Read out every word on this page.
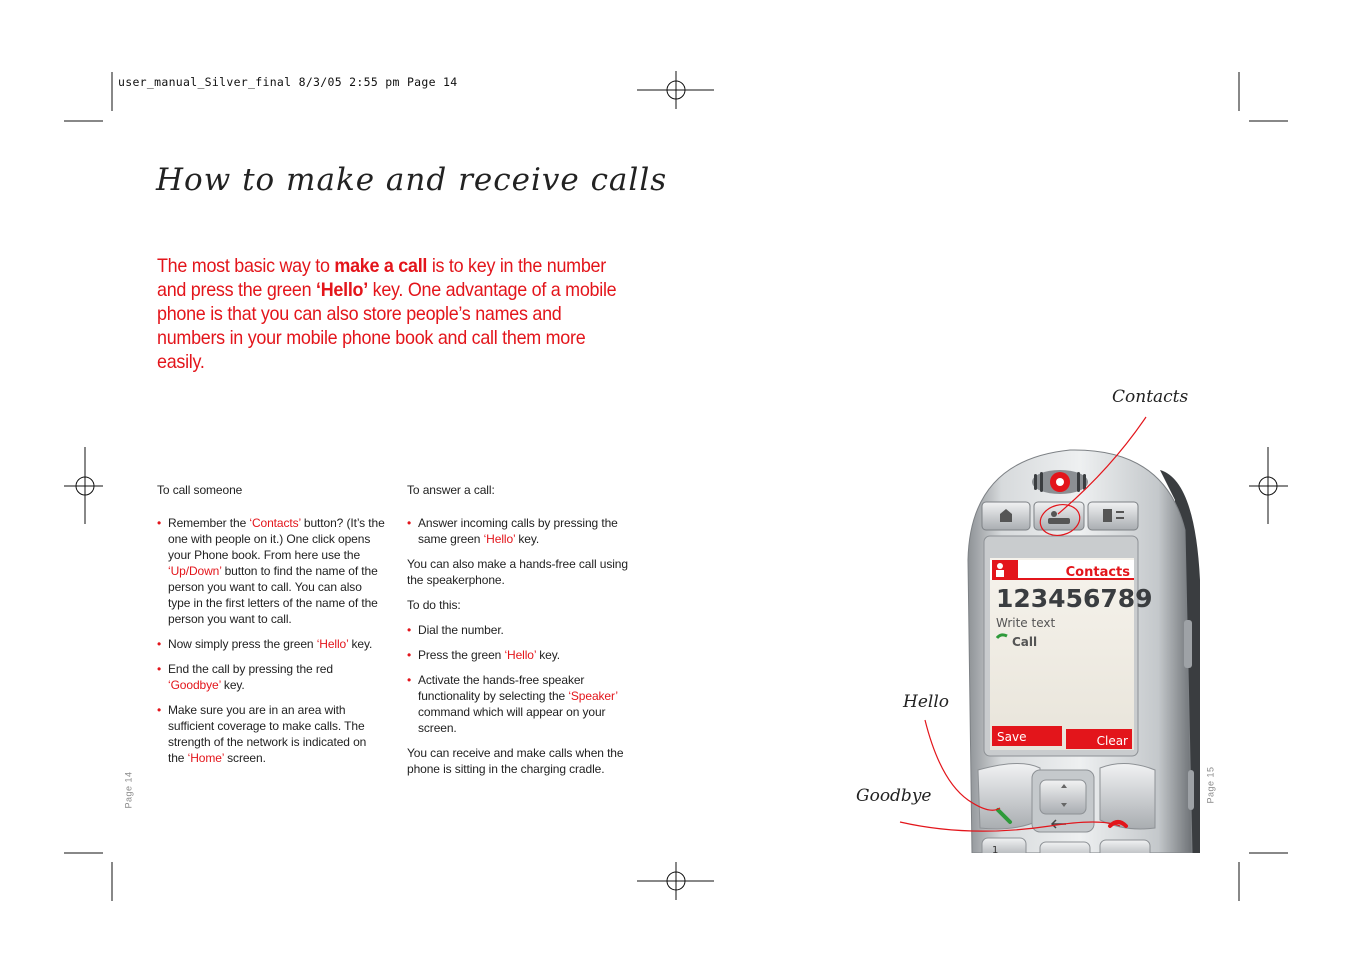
user_manual_Silver_final 8/3/05 2:55 pm Page 14
How to make and receive calls
The most basic way to make a call is to key in the number and press the green ‘Hello’ key. One advantage of a mobile phone is that you can also store people’s names and numbers in your mobile phone book and call them more easily.

To call someone

• Remember the ‘Contacts’ button? (It’s the one with people on it.) One click opens your Phone book. From here use the ‘Up/Down’ button to find the name of the person you want to call. You can also type in the first letters of the name of the person you want to call.
• Now simply press the green ‘Hello’ key.
• End the call by pressing the red ‘Goodbye’ key.
• Make sure you are in an area with sufficient coverage to make calls. The strength of the network is indicated on the ‘Home’ screen.

To answer a call:

• Answer incoming calls by pressing the same green ‘Hello’ key.

You can also make a hands-free call using the speakerphone.

To do this:

• Dial the number.
• Press the green ‘Hello’ key.
• Activate the hands-free speaker functionality by selecting the ‘Speaker’ command which will appear on your screen.

You can receive and make calls when the phone is sitting in the charging cradle.

Page 14	Page 15
Contacts
123456789
Write text
Call
Save	Clear
1
Contacts
Hello
Goodbye
